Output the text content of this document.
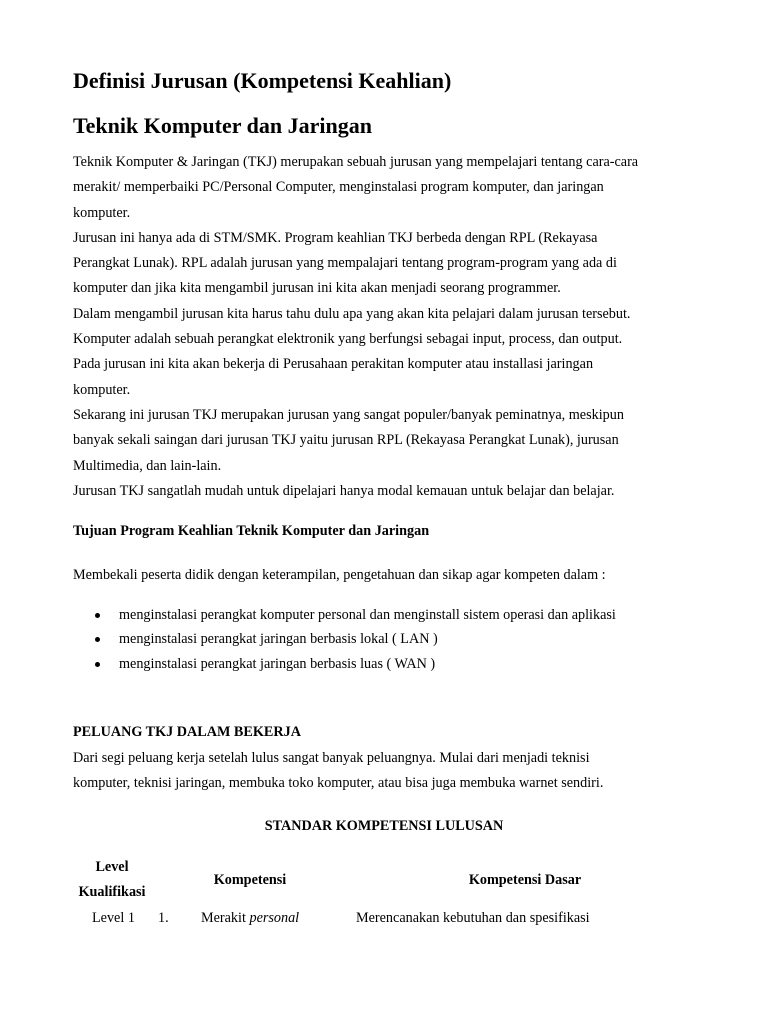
Definisi Jurusan (Kompetensi Keahlian)
Teknik Komputer dan Jaringan

Teknik Komputer & Jaringan (TKJ) merupakan sebuah jurusan yang mempelajari tentang cara-cara

merakit/ memperbaiki PC/Personal Computer, menginstalasi program komputer, dan jaringan

komputer.

Jurusan ini hanya ada di STM/SMK. Program keahlian TKJ berbeda dengan RPL (Rekayasa

Perangkat Lunak). RPL adalah jurusan yang mempalajari tentang program-program yang ada di

komputer dan jika kita mengambil jurusan ini kita akan menjadi seorang programmer.

Dalam mengambil jurusan kita harus tahu dulu apa yang akan kita pelajari dalam jurusan tersebut.

Komputer adalah sebuah perangkat elektronik yang berfungsi sebagai input, process, dan output.

Pada jurusan ini kita akan bekerja di Perusahaan perakitan komputer atau installasi jaringan

komputer.

Sekarang ini jurusan TKJ merupakan jurusan yang sangat populer/banyak peminatnya, meskipun

banyak sekali saingan dari jurusan TKJ yaitu jurusan RPL (Rekayasa Perangkat Lunak), jurusan

Multimedia, dan lain-lain.

Jurusan TKJ sangatlah mudah untuk dipelajari hanya modal kemauan untuk belajar dan belajar.

Tujuan Program Keahlian Teknik Komputer dan Jaringan

Membekali peserta didik dengan keterampilan, pengetahuan dan sikap agar kompeten dalam :

menginstalasi perangkat komputer personal dan menginstall sistem operasi dan aplikasi
menginstalasi perangkat jaringan berbasis lokal ( LAN )
menginstalasi perangkat jaringan berbasis luas ( WAN )
PELUANG TKJ DALAM BEKERJA

Dari segi peluang kerja setelah lulus sangat banyak peluangnya. Mulai dari menjadi teknisi

komputer, teknisi jaringan, membuka toko komputer, atau bisa juga membuka warnet sendiri.

STANDAR KOMPETENSI LULUSAN
Level
Kualifikasi
Kompetensi	Kompetensi Dasar
Level 1 1. Merakit personal	Merencanakan kebutuhan dan spesifikasi
